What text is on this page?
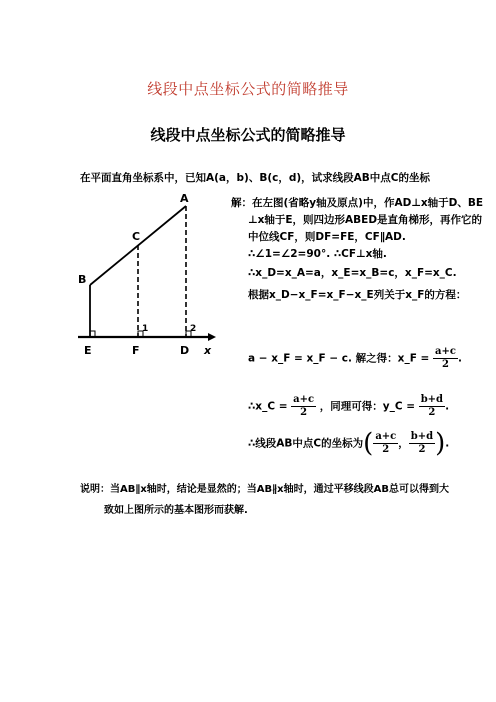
线段中点坐标公式的简略推导
线段中点坐标公式的简略推导
在平面直角坐标系中，已知A(a，b)、B(c，d)，试求线段AB中点C的坐标
A
B
C
E	F	D x
1	2
解：在左图(省略y轴及原点)中，作AD⊥x轴于D、BE
⊥x轴于E，则四边形ABED是直角梯形，再作它的
中位线CF，则DF=FE，CF∥AD.
∴∠1=∠2=90°. ∴CF⊥x轴.
∴x_D=x_A=a，x_E=x_B=c，x_F=x_C.
根据x_D−x_F=x_F−x_E列关于x_F的方程：
a − x_F = x_F − c. 解之得：x_F = $\frac{a+c}{2}$ .
∴x_C = $\frac{a+c}{2}$ ，同理可得：y_C = $\frac{b+d}{2}$ .
∴线段AB中点C的坐标为( $\frac{a+c}{2}$ ， $\frac{b+d}{2}$ ).
说明：当AB∥x轴时，结论是显然的；当AB∦x轴时，通过平移线段AB总可以得到大
致如上图所示的基本图形而获解.
